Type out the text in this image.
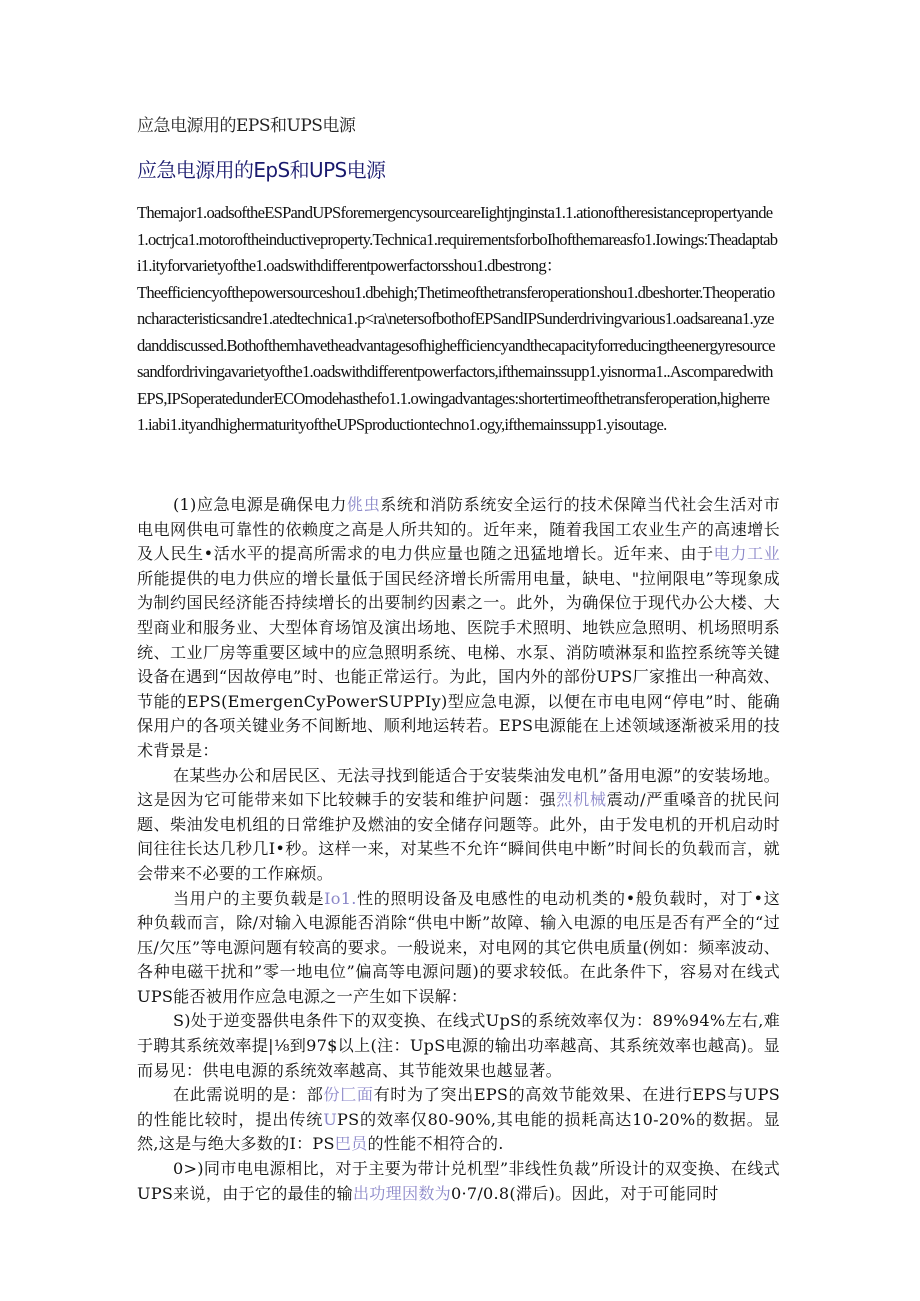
应急电源用的EPS和UPS电源
应急电源用的EpS和UPS电源

Themajor1.oadsoftheESPandUPSforemergencysourceareIightjnginsta1.1.ationoftheresistancepropertyande1.octrjca1.motoroftheinductiveproperty.Technica1.requirementsforboIhofthemareasfo1.Iowings:Theadaptabi1.ityforvarietyofthe1.oadswithdifferentpowerfactorsshou1.dbestrong：

Theefficiencyofthepowersourceshou1.dbehigh;Thetimeofthetransferoperationshou1.dbeshorter.Theoperationcharacteristicsandre1.atedtechnica1.p<ra\netersofbothofEPSandIPSunderdrivingvarious1.oadsareana1.yzedanddiscussed.Bothofthemhavetheadvantagesofhighefficiencyandthecapacityforreducingtheenergyresourcesandfordrivingavarietyofthe1.oadswithdifferentpowerfactors,ifthemainssupp1.yisnorma1..AscomparedwithEPS,IPSoperatedunderECOmodehasthefo1.1.owingadvantages:shortertimeofthetransferoperation,higherre1.iabi1.ityandhighermaturityoftheUPSproductiontechno1.ogy,ifthemainssupp1.yisoutage.

(1)应急电源是确保电力佻虫系统和消防系统安全运行的技术保障当代社会生活对市电电网供电可靠性的依赖度之高是人所共知的。近年来，随着我国工农业生产的高速增长及人民生•活水平的提高所需求的电力供应量也随之迅猛地增长。近年来、由于电力工业所能提供的电力供应的增长量低于国民经济增长所需用电量，缺电、"拉闸限电”等现象成为制约国民经济能否持续增长的出要制约因素之一。此外，为确保位于现代办公大楼、大型商业和服务业、大型体育场馆及演出场地、医院手术照明、地铁应急照明、机场照明系统、工业厂房等重要区域中的应急照明系统、电梯、水泵、消防喷淋泵和监控系统等关键设备在遇到“因故停电”时、也能正常运行。为此，国内外的部份UPS厂家推出一种高效、节能的EPS(EmergenCyPowerSUPPIy)型应急电源，以便在市电电网“停电”时、能确保用户的各项关键业务不间断地、顺利地运转若。EPS电源能在上述领域逐渐被采用的技术背景是：

在某些办公和居民区、无法寻找到能适合于安装柴油发电机”备用电源”的安装场地。这是因为它可能带来如下比较棘手的安装和维护问题：强烈机械震动/严重嗓音的扰民问题、柴油发电机组的日常维护及燃油的安全储存问题等。此外，由于发电机的开机启动时间往往长达几秒几I•秒。这样一来，对某些不允许“瞬间供电中断”时间长的负载而言，就会带来不必要的工作麻烦。

当用户的主要负载是Io1.性的照明设备及电感性的电动机类的•般负载时，对丁•这种负载而言，除/对输入电源能否消除“供电中断”故障、输入电源的电压是否有严全的“过压/欠压”等电源问题有较高的要求。一般说来，对电网的其它供电质量(例如：频率波动、各种电磁干扰和”零一地电位”偏高等电源问题)的要求较低。在此条件下，容易对在线式UPS能否被用作应急电源之一产生如下误解：

S)处于逆变器供电条件下的双变换、在线式UpS的系统效率仅为：89%94%左右,难于聘其系统效率提|⅛到97$以上(注：UpS电源的输出功率越高、其系统效率也越高)。显而易见：供电电源的系统效率越高、其节能效果也越显著。

在此需说明的是：部份匚面有时为了突出EPS的高效节能效果、在进行EPS与UPS的性能比较时，提出传统UPS的效率仅80-90%,其电能的损耗高达10-20%的数据。显然,这是与绝大多数的I：PS巴员的性能不相符合的.

0>)同市电电源相比，对于主要为带计兑机型”非线性负裁”所设计的双变换、在线式UPS来说，由于它的最佳的输出功理因数为0·7/0.8(滞后)。因此，对于可能同时
